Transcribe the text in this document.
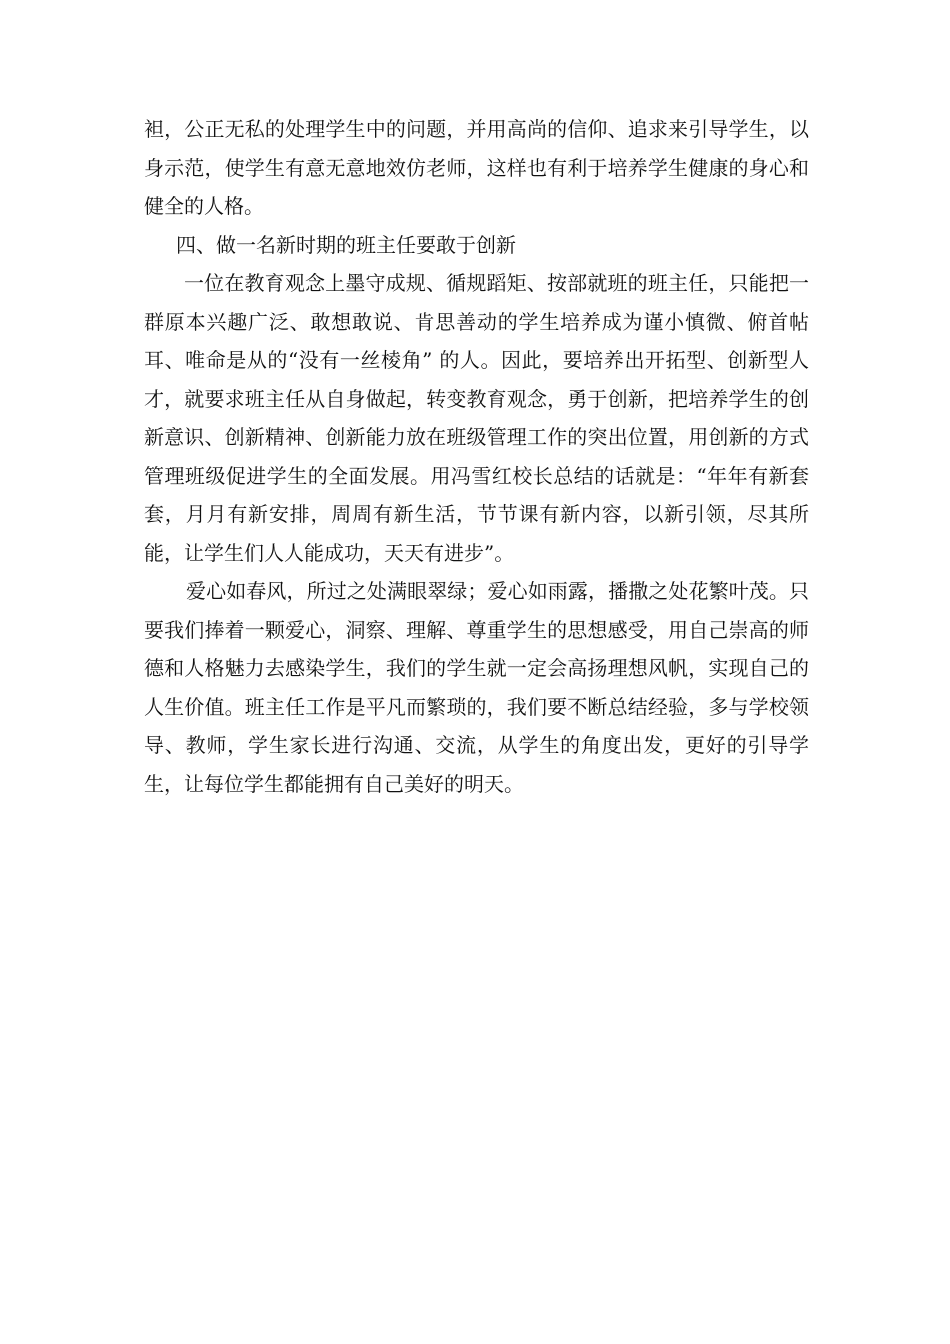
袒，公正无私的处理学生中的问题，并用高尚的信仰、追求来引导学生，以身示范，使学生有意无意地效仿老师，这样也有利于培养学生健康的身心和健全的人格。

四、做一名新时期的班主任要敢于创新

一位在教育观念上墨守成规、循规蹈矩、按部就班的班主任，只能把一群原本兴趣广泛、敢想敢说、肯思善动的学生培养成为谨小慎微、俯首帖耳、唯命是从的“没有一丝棱角” 的人。因此，要培养出开拓型、创新型人才，就要求班主任从自身做起，转变教育观念，勇于创新，把培养学生的创新意识、创新精神、创新能力放在班级管理工作的突出位置，用创新的方式管理班级促进学生的全面发展。用冯雪红校长总结的话就是：“年年有新套套，月月有新安排，周周有新生活，节节课有新内容，以新引领，尽其所能，让学生们人人能成功，天天有进步”。

爱心如春风，所过之处满眼翠绿；爱心如雨露，播撒之处花繁叶茂。只要我们捧着一颗爱心，洞察、理解、尊重学生的思想感受，用自己崇高的师德和人格魅力去感染学生，我们的学生就一定会高扬理想风帆，实现自己的人生价值。班主任工作是平凡而繁琐的，我们要不断总结经验，多与学校领导、教师，学生家长进行沟通、交流，从学生的角度出发，更好的引导学生，让每位学生都能拥有自己美好的明天。
